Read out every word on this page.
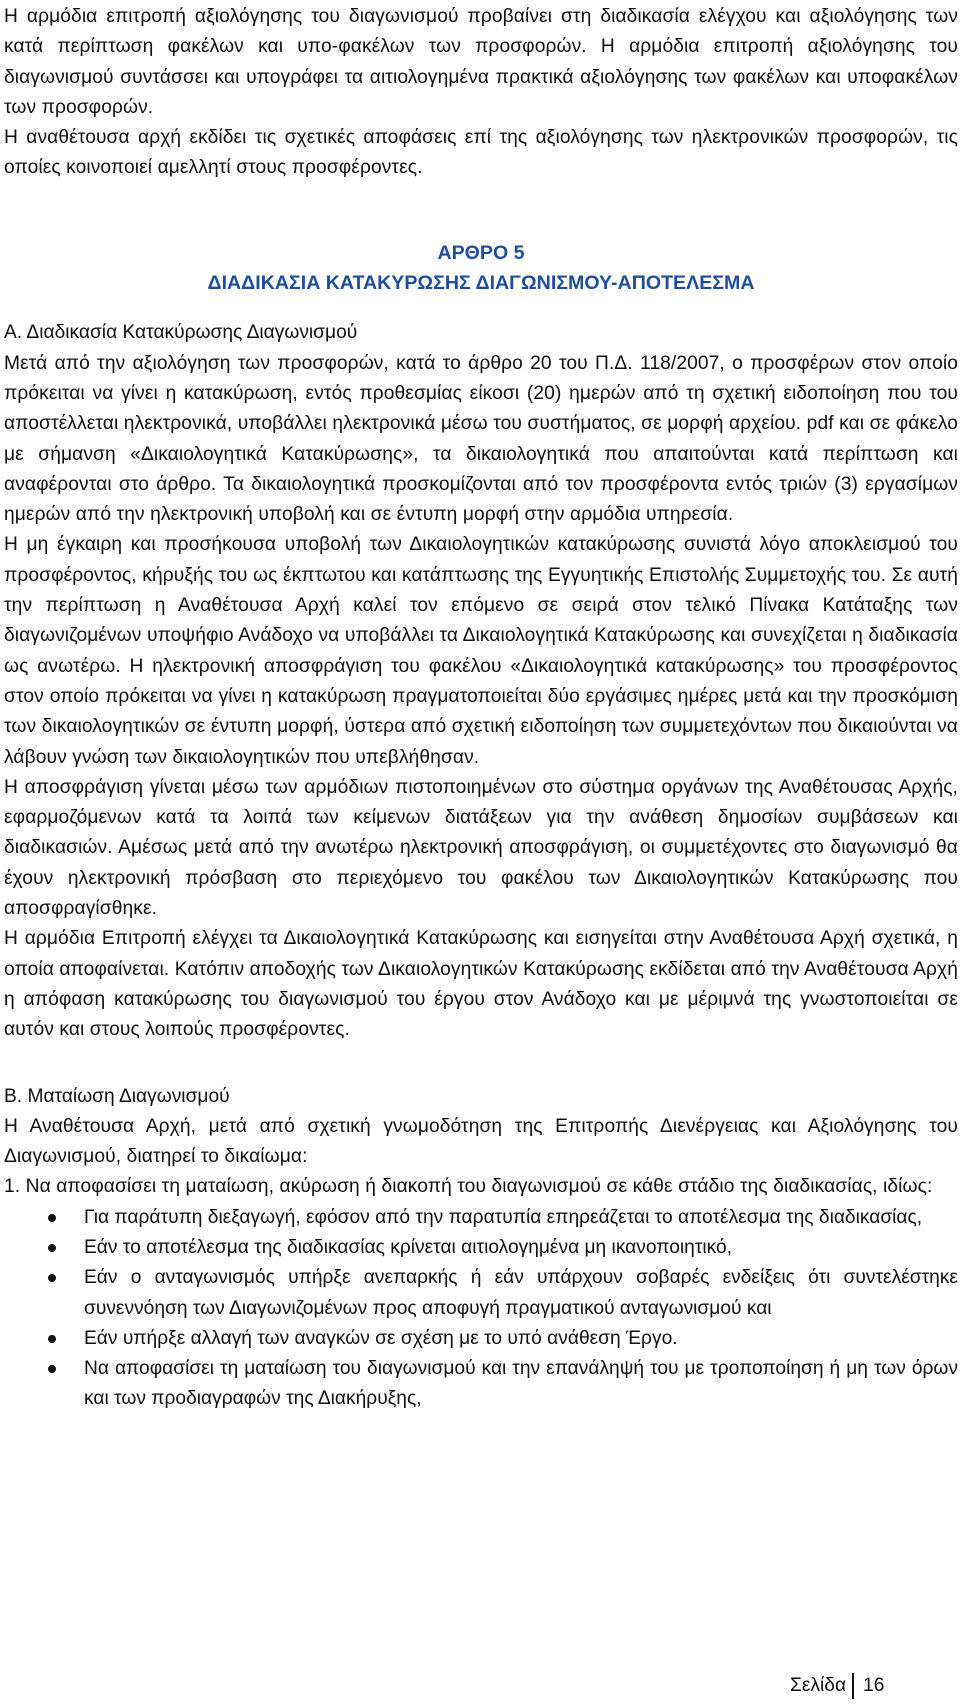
Η αρμόδια επιτροπή αξιολόγησης του διαγωνισμού προβαίνει στη διαδικασία ελέγχου και αξιολόγησης των κατά περίπτωση φακέλων και υπο-φακέλων των προσφορών. Η αρμόδια επιτροπή αξιολόγησης του διαγωνισμού συντάσσει και υπογράφει τα αιτιολογημένα πρακτικά αξιολόγησης των φακέλων και υποφακέλων των προσφορών.

Η αναθέτουσα αρχή εκδίδει τις σχετικές αποφάσεις επί της αξιολόγησης των ηλεκτρονικών προσφορών, τις οποίες κοινοποιεί αμελλητί στους προσφέροντες.

ΑΡΘΡΟ 5
ΔΙΑΔΙΚΑΣΙΑ ΚΑΤΑΚΥΡΩΣΗΣ ΔΙΑΓΩΝΙΣΜΟΥ-ΑΠΟΤΕΛΕΣΜΑ

Α. Διαδικασία Κατακύρωσης Διαγωνισμού

Μετά από την αξιολόγηση των προσφορών, κατά το άρθρο 20 του Π.Δ. 118/2007, ο προσφέρων στον οποίο πρόκειται να γίνει η κατακύρωση, εντός προθεσμίας είκοσι (20) ημερών από τη σχετική ειδοποίηση που του αποστέλλεται ηλεκτρονικά, υποβάλλει ηλεκτρονικά μέσω του συστήματος, σε μορφή αρχείου. pdf και σε φάκελο με σήμανση «Δικαιολογητικά Κατακύρωσης», τα δικαιολογητικά που απαιτούνται κατά περίπτωση και αναφέρονται στο άρθρο. Τα δικαιολογητικά προσκομίζονται από τον προσφέροντα εντός τριών (3) εργασίμων ημερών από την ηλεκτρονική υποβολή και σε έντυπη μορφή στην αρμόδια υπηρεσία.

Η μη έγκαιρη και προσήκουσα υποβολή των Δικαιολογητικών κατακύρωσης συνιστά λόγο αποκλεισμού του προσφέροντος, κήρυξής του ως έκπτωτου και κατάπτωσης της Εγγυητικής Επιστολής Συμμετοχής του. Σε αυτή την περίπτωση η Αναθέτουσα Αρχή καλεί τον επόμενο σε σειρά στον τελικό Πίνακα Κατάταξης των διαγωνιζομένων υποψήφιο Ανάδοχο να υποβάλλει τα Δικαιολογητικά Κατακύρωσης και συνεχίζεται η διαδικασία ως ανωτέρω. Η ηλεκτρονική αποσφράγιση του φακέλου «Δικαιολογητικά κατακύρωσης» του προσφέροντος στον οποίο πρόκειται να γίνει η κατακύρωση πραγματοποιείται δύο εργάσιμες ημέρες μετά και την προσκόμιση των δικαιολογητικών σε έντυπη μορφή, ύστερα από σχετική ειδοποίηση των συμμετεχόντων που δικαιούνται να λάβουν γνώση των δικαιολογητικών που υπεβλήθησαν.

Η αποσφράγιση γίνεται μέσω των αρμόδιων πιστοποιημένων στο σύστημα οργάνων της Αναθέτουσας Αρχής, εφαρμοζόμενων κατά τα λοιπά των κείμενων διατάξεων για την ανάθεση δημοσίων συμβάσεων και διαδικασιών. Αμέσως μετά από την ανωτέρω ηλεκτρονική αποσφράγιση, οι συμμετέχοντες στο διαγωνισμό θα έχουν ηλεκτρονική πρόσβαση στο περιεχόμενο του φακέλου των Δικαιολογητικών Κατακύρωσης που αποσφραγίσθηκε.

Η αρμόδια Επιτροπή ελέγχει τα Δικαιολογητικά Κατακύρωσης και εισηγείται στην Αναθέτουσα Αρχή σχετικά, η οποία αποφαίνεται. Κατόπιν αποδοχής των Δικαιολογητικών Κατακύρωσης εκδίδεται από την Αναθέτουσα Αρχή η απόφαση κατακύρωσης του διαγωνισμού του έργου στον Ανάδοχο και με μέριμνά της γνωστοποιείται σε αυτόν και στους λοιπούς προσφέροντες.

Β. Ματαίωση Διαγωνισμού

Η Αναθέτουσα Αρχή, μετά από σχετική γνωμοδότηση της Επιτροπής Διενέργειας και Αξιολόγησης του Διαγωνισμού, διατηρεί το δικαίωμα:

1. Να αποφασίσει τη ματαίωση, ακύρωση ή διακοπή του διαγωνισμού σε κάθε στάδιο της διαδικασίας, ιδίως:

Για παράτυπη διεξαγωγή, εφόσον από την παρατυπία επηρεάζεται το αποτέλεσμα της διαδικασίας,
Εάν το αποτέλεσμα της διαδικασίας κρίνεται αιτιολογημένα μη ικανοποιητικό,
Εάν ο ανταγωνισμός υπήρξε ανεπαρκής ή εάν υπάρχουν σοβαρές ενδείξεις ότι συντελέστηκε συνεννόηση των Διαγωνιζομένων προς αποφυγή πραγματικού ανταγωνισμού και
Εάν υπήρξε αλλαγή των αναγκών σε σχέση με το υπό ανάθεση Έργο.
Να αποφασίσει τη ματαίωση του διαγωνισμού και την επανάληψή του με τροποποίηση ή μη των όρων και των προδιαγραφών της Διακήρυξης,
Σελίδα 16
